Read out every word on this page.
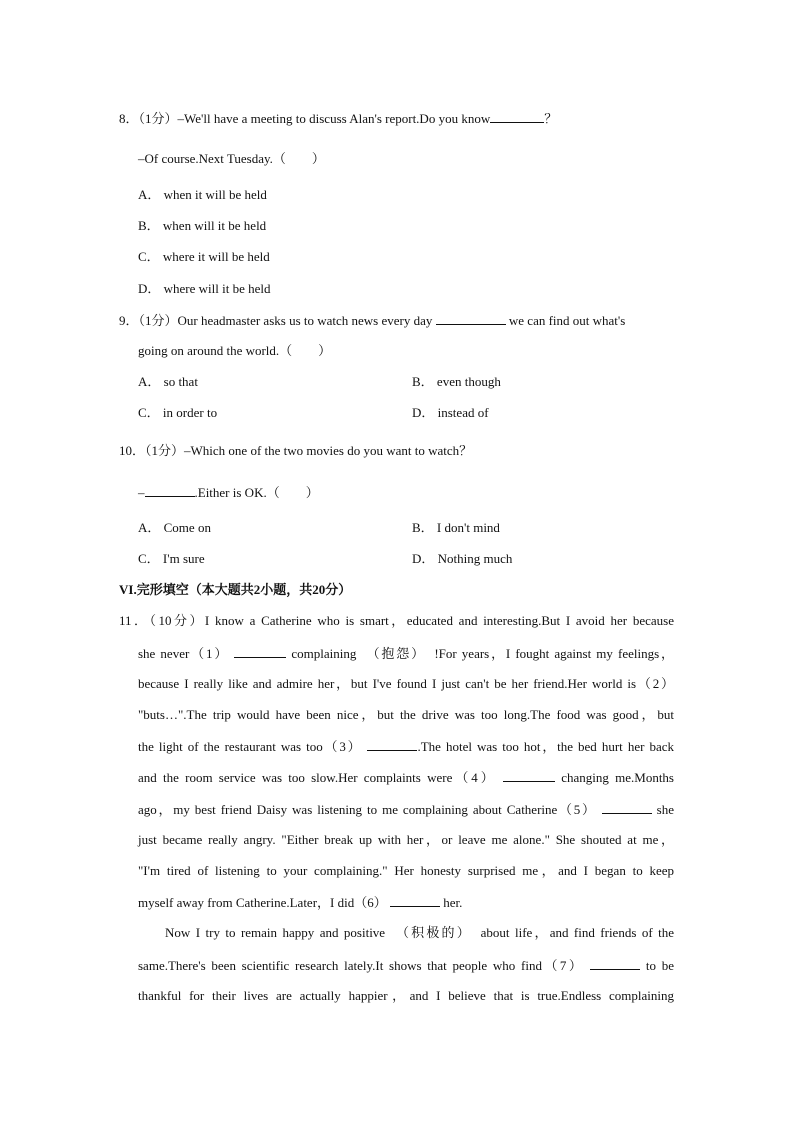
8．（1分）–We'll have a meeting to discuss Alan's report.Do you know	？
–Of course.Next Tuesday.（　　）
A． when it will be held
B． when will it be held
C． where it will be held
D． where will it be held
9．（1分）Our headmaster asks us to watch news every day	we can find out what's
going on around the world.（　　）
A． so that	B． even though
C． in order to	D． instead of
10．（1分）–Which one of the two movies do you want to watch？
–	.Either is OK.（　　）
A． Come on	B． I don't mind
C． I'm sure	D． Nothing much
VI.完形填空（本大题共2小题，共20分）
11．（10分）I know a Catherine who is smart，educated and interesting.But I avoid her because
she never（1）	complaining　（抱怨）　!For years，I fought against my feelings，
because I really like and admire her，but I've found I just can't be her friend.Her world is（2）
"buts…".The trip would have been nice，but the drive was too long.The food was good，but
the light of the restaurant was too（3）	.The hotel was too hot，the bed hurt her back
and the room service was too slow.Her complaints were（4）	changing me.Months
ago，my best friend Daisy was listening to me complaining about Catherine（5）	she
just became really angry. "Either break up with her，or leave me alone." She shouted at me，
"I'm tired of listening to your complaining." Her honesty surprised me，and I began to keep
myself away from Catherine.Later，I did（6）	her.
Now I try to remain happy and positive　（积极的）　about life，and find friends of the
same.There's been scientific research lately.It shows that people who find（7）	to be
thankful for their lives are actually happier，and I believe that is true.Endless complaining
